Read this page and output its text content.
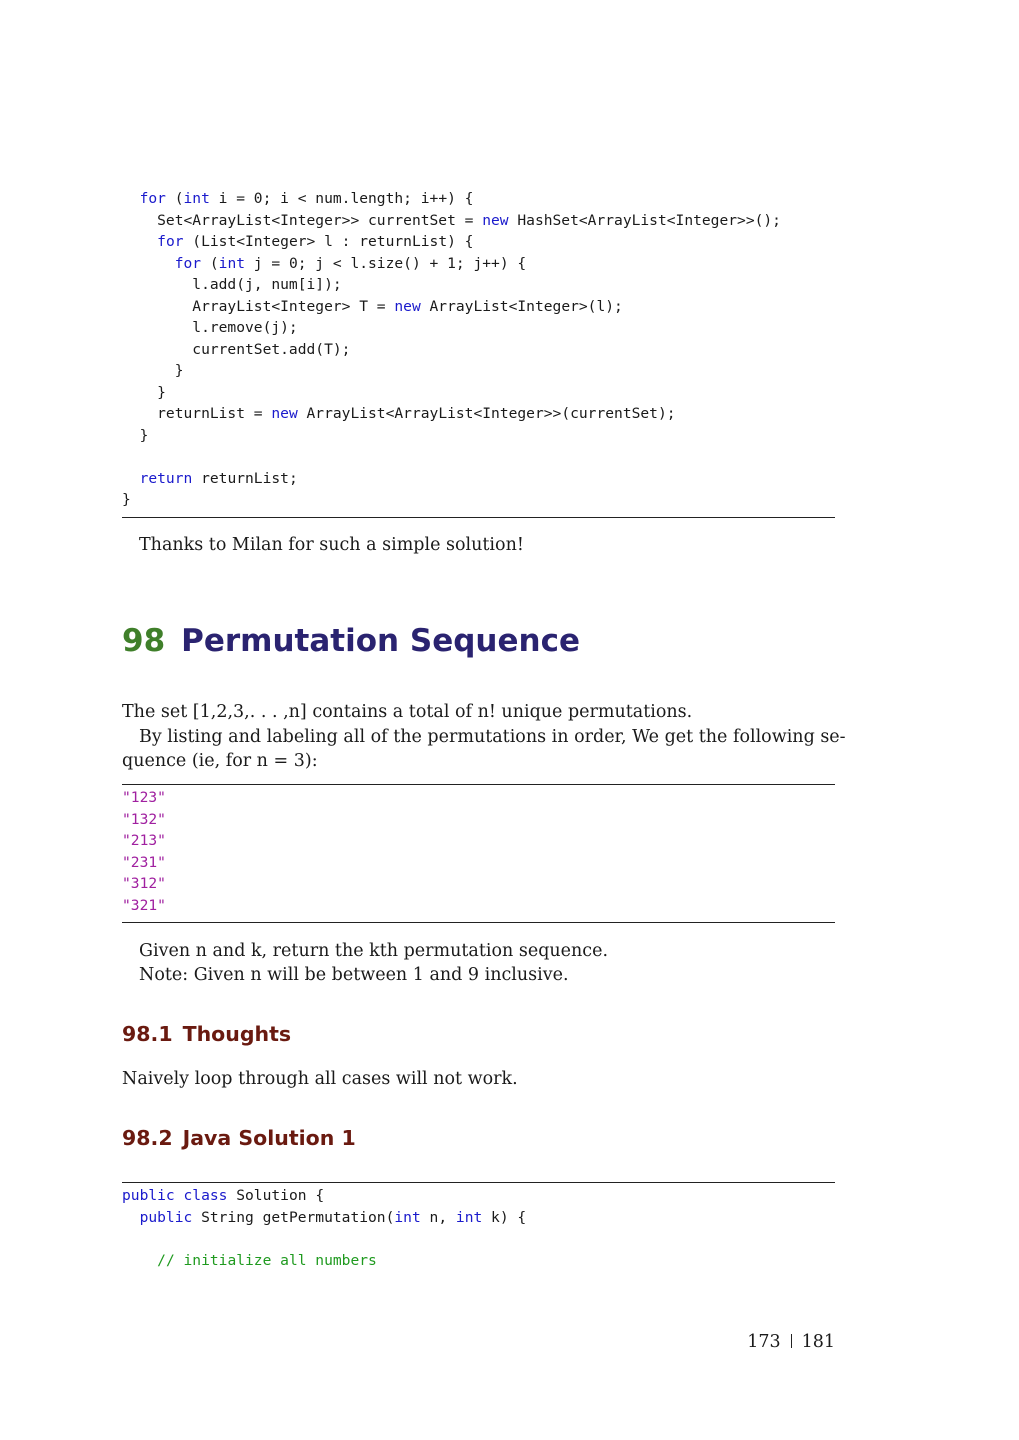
for (int i = 0; i < num.length; i++) {
Set<ArrayList<Integer>> currentSet = new HashSet<ArrayList<Integer>>();
for (List<Integer> l : returnList) {
for (int j = 0; j < l.size() + 1; j++) {
l.add(j, num[i]);
ArrayList<Integer> T = new ArrayList<Integer>(l);
l.remove(j);
currentSet.add(T);
}
}
returnList = new ArrayList<ArrayList<Integer>>(currentSet);
}
return returnList;
}
Thanks to Milan for such a simple solution!
98 Permutation Sequence
The set [1,2,3,. . . ,n] contains a total of n! unique permutations.
By listing and labeling all of the permutations in order, We get the following se-
quence (ie, for n = 3):
"123"
"132"
"213"
"231"
"312"
"321"
Given n and k, return the kth permutation sequence.
Note: Given n will be between 1 and 9 inclusive.
98.1 Thoughts
Naively loop through all cases will not work.
98.2 Java Solution 1
public class Solution {
public String getPermutation(int n, int k) {
// initialize all numbers
173 181
